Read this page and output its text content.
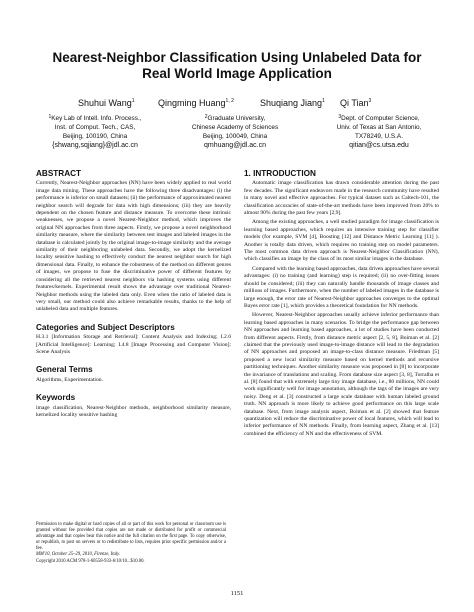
Nearest-Neighbor Classification Using Unlabeled Data for Real World Image Application
Shuhui Wang$^1$	Qingming Huang$^{1, 2}$	Shuqiang Jiang$^1$ Qi Tian$^3$
$^1$Key Lab of Intell. Info. Process.,
Inst. of Comput. Tech., CAS,
Beijing, 100190, China
{shwang,sqjiang}@jdl.ac.cn
$^2$Graduate University,
Chinese Academy of Sciences
Beijing, 100049, China
qmhuang@jdl.ac.cn
$^3$Dept. of Computer Science,
Univ. of Texas at San Antonio,
TX78249, U.S.A.
qitian@cs.utsa.edu
ABSTRACT

Currently, Nearest-Neighbor approaches (NN) have been widely applied to real world image data mining. These approaches have the following three disadvantages: (i) the performance is inferior on small datasets; (ii) the performance of approximated nearest neighbor search will degrade for data with high dimensions; (iii) they are heavily dependent on the chosen feature and distance measure. To overcome these intrinsic weaknesses, we propose a novel Nearest-Neighbor method, which improves the original NN approaches from three aspects. Firstly, we propose a novel neighborhood similarity measure, where the similarity between test images and labeled images in the database is calculated jointly by the original image-to-image similarity and the average similarity of their neighboring unlabeled data. Secondly, we adopt the kernelized locality sensitive hashing to effectively conduct the nearest neighbor search for high dimensional data. Finally, to enhance the robustness of the method on different genres of images, we propose to fuse the discriminative power of different features by considering all the retrieved nearest neighbors via hashing systems using different features/kernels. Experimental result shows the advantage over traditional Nearest-Neighbor methods using the labeled data only. Even when the ratio of labeled data is very small, our method could also achieve remarkable results, thanks to the help of unlabeled data and multiple features.

Categories and Subject Descriptors

H.3.1 [Information Storage and Retrieval]: Content Analysis and Indexing; I.2.6 [Artificial Intelligence]: Learning; I.4.8 [Image Processing and Computer Vision]: Scene Analysis

General Terms

Algorithms, Experimentation.

Keywords

image classification, Nearest-Neighbor methods, neighborhood similarity measure, kernelized locality sensitive hashing

Permission to make digital or hard copies of all or part of this work for personal or classroom use is granted without fee provided that copies are not made or distributed for profit or commercial advantage and that copies bear this notice and the full citation on the first page. To copy otherwise, or republish, to post on servers or to redistribute to lists, requires prior specific permission and/or a fee.
MM'10, October 25–29, 2010, Firenze, Italy.
Copyright 2010 ACM 978-1-60558-933-6/10/10...$10.00.
1. INTRODUCTION

Automatic image classification has drawn considerable attention during the past few decades. The significant endeavors made in the research community have resulted in many novel and effective approaches. For typical dataset such as Caltech-101, the classification accuracies of state-of-the-art methods have been improved from 20% to almost 90% during the past few years [2,9].

Among the existing approaches, a well studied paradigm for image classification is learning based approaches, which requires an intensive training step for classifier models (for example, SVM [4], Boosting [12] and Distance Metric Learning [11] ). Another is totally data driven, which requires no training step on model parameters. The most common data driven approach is Nearest-Neighbor Classification (NN), which classifies an image by the class of its most similar images in the database.

Compared with the learning based approaches, data driven approaches have several advantages: (i) no training (and learning) step is required; (ii) no over-fitting issues should be considered; (iii) they can naturally handle thousands of image classes and millions of images. Furthermore, when the number of labeled images in the database is large enough, the error rate of Nearest-Neighbor approaches converges to the optimal Bayes error rate [1], which provides a theoretical foundation for NN methods.

However, Nearest-Neighbor approaches usually achieve inferior performance than learning based approaches in many scenarios. To bridge the performance gap between NN approaches and learning based approaches, a lot of studies have been conducted from different aspects. Firstly, from distance metric aspect [2, 5, 8], Boiman et al. [2] claimed that the previously used image-to-image distance will lead to the degradation of NN approaches and proposed an image-to-class distance measure. Friedman [5] proposed a new local similarity measure based on kernel methods and recursive partitioning techniques. Another similarity measure was proposed in [8] to incorporate the invariance of translations and scaling. From database size aspect [3, 8], Torralba et al. [8] found that with extremely large tiny image database, i.e., 80 millions, NN could work significantly well for image annotation, although the tags of the images are very noisy. Deng et al. [3] constructed a large scale database with human labeled ground truth. NN approach is more likely to achieve good performance on this large scale database. Next, from image analysis aspect, Boiman et al. [2] showed that feature quantization will reduce the discriminative power of local features, which will lead to inferior performance of NN methods. Finally, from learning aspect, Zhang et al. [13] combined the efficiency of NN and the effectiveness of SVM.

1151
